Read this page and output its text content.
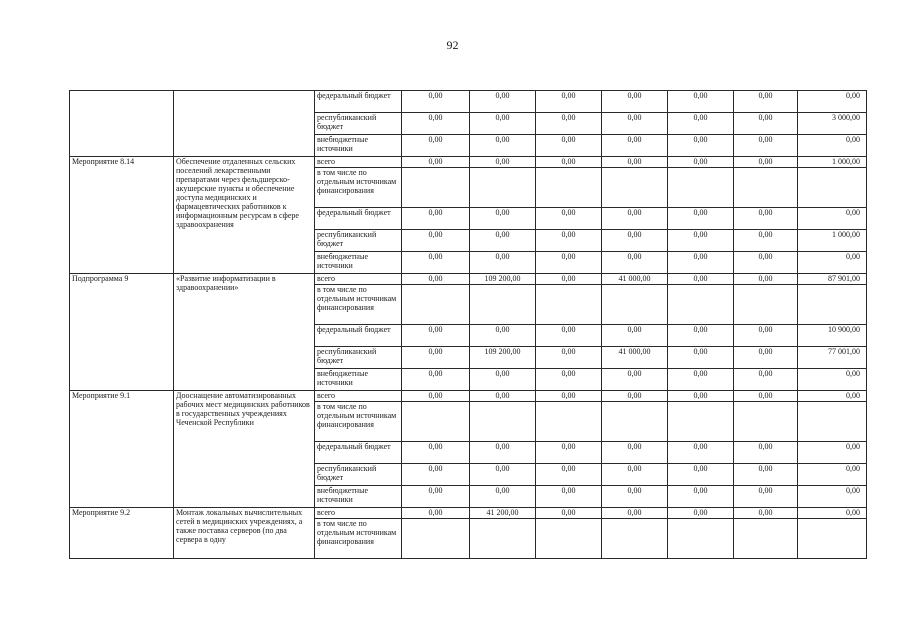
92
		федеральный бюджет	0,00	0,00	0,00	0,00	0,00	0,00	0,00
		республиканский бюджет	0,00	0,00	0,00	0,00	0,00	0,00	3 000,00
		внебюджетные источники	0,00	0,00	0,00	0,00	0,00	0,00	0,00
Мероприятие 8.14	Обеспечение отдаленных сельских поселений лекарственными препаратами через фельдшерско-акушерские пункты и обеспечение доступа медицинских и фармацевтических работников к информационным ресурсам в сфере здравоохранения	всего	0,00	0,00	0,00	0,00	0,00	0,00	1 000,00
		в том числе по отдельным источникам финансирования							
		федеральный бюджет	0,00	0,00	0,00	0,00	0,00	0,00	0,00
		республиканский бюджет	0,00	0,00	0,00	0,00	0,00	0,00	1 000,00
		внебюджетные источники	0,00	0,00	0,00	0,00	0,00	0,00	0,00
Подпрограмма 9	«Развитие информатизации в здравоохранении»	всего	0,00	109 200,00	0,00	41 000,00	0,00	0,00	87 901,00
		в том числе по отдельным источникам финансирования							
		федеральный бюджет	0,00	0,00	0,00	0,00	0,00	0,00	10 900,00
		республиканский бюджет	0,00	109 200,00	0,00	41 000,00	0,00	0,00	77 001,00
		внебюджетные источники	0,00	0,00	0,00	0,00	0,00	0,00	0,00
Мероприятие 9.1	Дооснащение автоматизированных рабочих мест медицинских работников в государственных учреждениях Чеченской Республики	всего	0,00	0,00	0,00	0,00	0,00	0,00	0,00
		в том числе по отдельным источникам финансирования							
		федеральный бюджет	0,00	0,00	0,00	0,00	0,00	0,00	0,00
		республиканский бюджет	0,00	0,00	0,00	0,00	0,00	0,00	0,00
		внебюджетные источники	0,00	0,00	0,00	0,00	0,00	0,00	0,00
Мероприятие 9.2	Монтаж локальных вычислительных сетей в медицинских учреждениях, а также поставка серверов (по два сервера в одну	всего	0,00	41 200,00	0,00	0,00	0,00	0,00	0,00
		в том числе по отдельным источникам финансирования							
